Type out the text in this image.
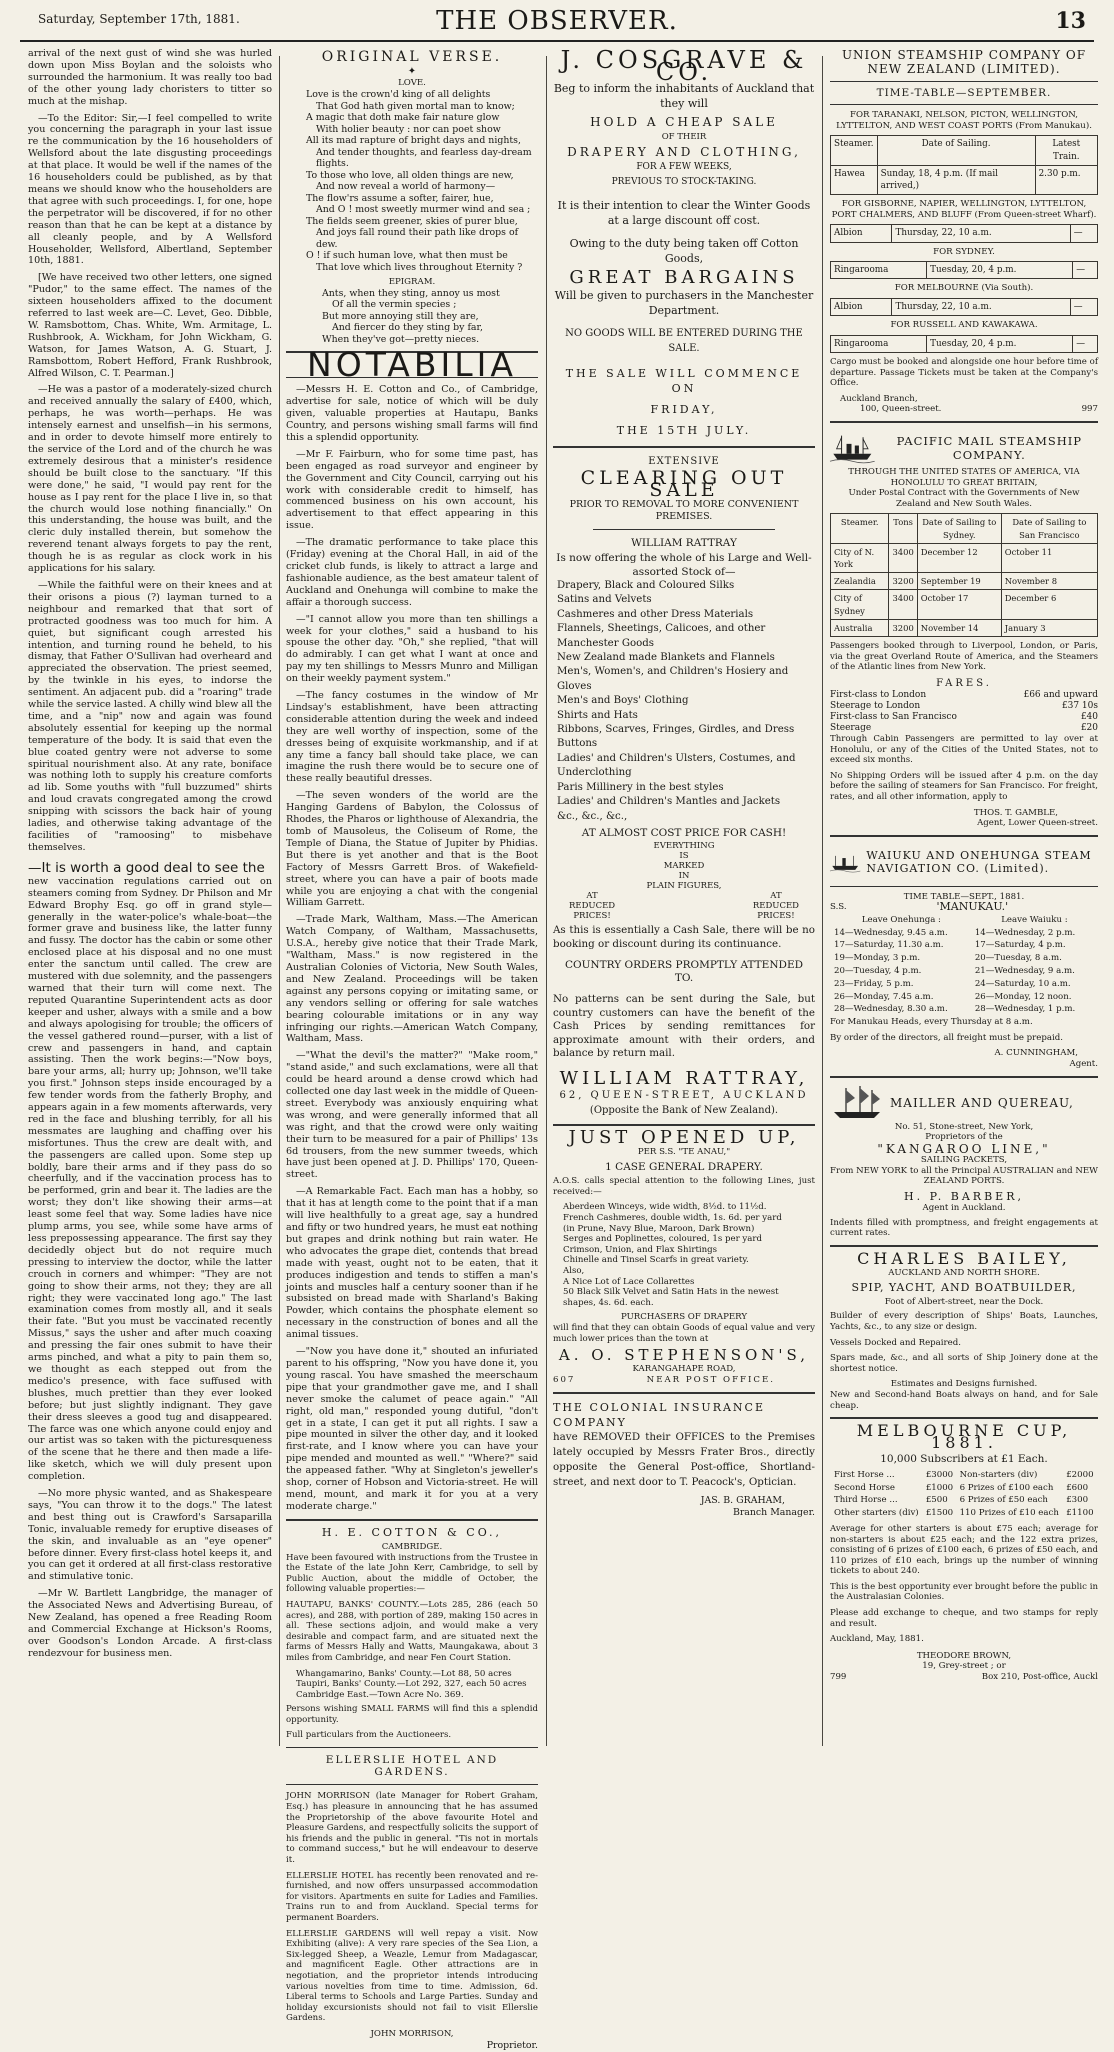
Saturday, September 17th, 1881.	THE OBSERVER.	13

arrival of the next gust of wind she was hurled down upon Miss Boylan and the soloists who surrounded the harmonium. It was really too bad of the other young lady choristers to titter so much at the mishap.

—To the Editor: Sir,—I feel compelled to write you concerning the paragraph in your last issue re the communication by the 16 householders of Wellsford about the late disgusting proceedings at that place. It would be well if the names of the 16 householders could be published, as by that means we should know who the householders are that agree with such proceedings. I, for one, hope the perpetrator will be discovered, if for no other reason than that he can be kept at a distance by all cleanly people, and by A Wellsford Householder, Wellsford, Albertland, September 10th, 1881.

[We have received two other letters, one signed "Pudor," to the same effect. The names of the sixteen householders affixed to the document referred to last week are—C. Levet, Geo. Dibble, W. Ramsbottom, Chas. White, Wm. Armitage, L. Rushbrook, A. Wickham, for John Wickham, G. Watson, for James Watson, A. G. Stuart, J. Ramsbottom, Robert Hefford, Frank Rushbrook, Alfred Wilson, C. T. Pearman.]

—He was a pastor of a moderately-sized church and received annually the salary of £400, which, perhaps, he was worth—perhaps. He was intensely earnest and unselfish—in his sermons, and in order to devote himself more entirely to the service of the Lord and of the church he was extremely desirous that a minister's residence should be built close to the sanctuary. "If this were done," he said, "I would pay rent for the house as I pay rent for the place I live in, so that the church would lose nothing financially." On this understanding, the house was built, and the cleric duly installed therein, but somehow the reverend tenant always forgets to pay the rent, though he is as regular as clock work in his applications for his salary.

—While the faithful were on their knees and at their orisons a pious (?) layman turned to a neighbour and remarked that that sort of protracted goodness was too much for him. A quiet, but significant cough arrested his intention, and turning round he beheld, to his dismay, that Father O'Sullivan had overheard and appreciated the observation. The priest seemed, by the twinkle in his eyes, to indorse the sentiment. An adjacent pub. did a "roaring" trade while the service lasted. A chilly wind blew all the time, and a "nip" now and again was found absolutely essential for keeping up the normal temperature of the body. It is said that even the blue coated gentry were not adverse to some spiritual nourishment also. At any rate, boniface was nothing loth to supply his creature comforts ad lib. Some youths with "full buzzumed" shirts and loud cravats congregated among the crowd snipping with scissors the back hair of young ladies, and otherwise taking advantage of the facilities of "ramoosing" to misbehave themselves.

—It is worth a good deal to see the

new vaccination regulations carried out on steamers coming from Sydney. Dr Philson and Mr Edward Brophy Esq. go off in grand style—generally in the water-police's whale-boat—the former grave and business like, the latter funny and fussy. The doctor has the cabin or some other enclosed place at his disposal and no one must enter the sanctum until called. The crew are mustered with due solemnity, and the passengers warned that their turn will come next. The reputed Quarantine Superintendent acts as door keeper and usher, always with a smile and a bow and always apologising for trouble; the officers of the vessel gathered round—purser, with a list of crew and passengers in hand, and captain assisting. Then the work begins:—"Now boys, bare your arms, all; hurry up; Johnson, we'll take you first." Johnson steps inside encouraged by a few tender words from the fatherly Brophy, and appears again in a few moments afterwards, very red in the face and blushing terribly, for all his messmates are laughing and chaffing over his misfortunes. Thus the crew are dealt with, and the passengers are called upon. Some step up boldly, bare their arms and if they pass do so cheerfully, and if the vaccination process has to be performed, grin and bear it. The ladies are the worst; they don't like showing their arms—at least some feel that way. Some ladies have nice plump arms, you see, while some have arms of less prepossessing appearance. The first say they decidedly object but do not require much pressing to interview the doctor, while the latter crouch in corners and whimper: "They are not going to show their arms, not they; they are all right; they were vaccinated long ago." The last examination comes from mostly all, and it seals their fate. "But you must be vaccinated recently Missus," says the usher and after much coaxing and pressing the fair ones submit to have their arms pinched, and what a pity to pain them so, we thought as each stepped out from the medico's presence, with face suffused with blushes, much prettier than they ever looked before; but just slightly indignant. They gave their dress sleeves a good tug and disappeared. The farce was one which anyone could enjoy and our artist was so taken with the picturesqueness of the scene that he there and then made a life-like sketch, which we will duly present upon completion.

—No more physic wanted, and as Shakespeare says, "You can throw it to the dogs." The latest and best thing out is Crawford's Sarsaparilla Tonic, invaluable remedy for eruptive diseases of the skin, and invaluable as an "eye opener" before dinner. Every first-class hotel keeps it, and you can get it ordered at all first-class restorative and stimulative tonic.

—Mr W. Bartlett Langbridge, the manager of the Associated News and Advertising Bureau, of New Zealand, has opened a free Reading Room and Commercial Exchange at Hickson's Rooms, over Goodson's London Arcade. A first-class rendezvour for business men.

ORIGINAL VERSE.
✦
LOVE.
Love is the crown'd king of all delights
That God hath given mortal man to know;
A magic that doth make fair nature glow
With holier beauty : nor can poet show
All its mad rapture of bright days and nights,
And tender thoughts, and fearless day-dream flights.
To those who love, all olden things are new,
And now reveal a world of harmony—
The flow'rs assume a softer, fairer, hue,
And O ! most sweetly murmer wind and sea ;
The fields seem greener, skies of purer blue,
And joys fall round their path like drops of dew.
O ! if such human love, what then must be
That love which lives throughout Eternity ?
EPIGRAM.
Ants, when they sting, annoy us most
Of all the vermin species ;
But more annoying still they are,
And fiercer do they sting by far,
When they've got—pretty nieces.
NOTABILIA

—Messrs H. E. Cotton and Co., of Cambridge, advertise for sale, notice of which will be duly given, valuable properties at Hautapu, Banks Country, and persons wishing small farms will find this a splendid opportunity.

—Mr F. Fairburn, who for some time past, has been engaged as road surveyor and engineer by the Government and City Council, carrying out his work with considerable credit to himself, has commenced business on his own account, his advertisement to that effect appearing in this issue.

—The dramatic performance to take place this (Friday) evening at the Choral Hall, in aid of the cricket club funds, is likely to attract a large and fashionable audience, as the best amateur talent of Auckland and Onehunga will combine to make the affair a thorough success.

—"I cannot allow you more than ten shillings a week for your clothes," said a husband to his spouse the other day. "Oh," she replied, "that will do admirably. I can get what I want at once and pay my ten shillings to Messrs Munro and Milligan on their weekly payment system."

—The fancy costumes in the window of Mr Lindsay's establishment, have been attracting considerable attention during the week and indeed they are well worthy of inspection, some of the dresses being of exquisite workmanship, and if at any time a fancy ball should take place, we can imagine the rush there would be to secure one of these really beautiful dresses.

—The seven wonders of the world are the Hanging Gardens of Babylon, the Colossus of Rhodes, the Pharos or lighthouse of Alexandria, the tomb of Mausoleus, the Coliseum of Rome, the Temple of Diana, the Statue of Jupiter by Phidias. But there is yet another and that is the Boot Factory of Messrs Garrett Bros. of Wakefield-street, where you can have a pair of boots made while you are enjoying a chat with the congenial William Garrett.

—Trade Mark, Waltham, Mass.—The American Watch Company, of Waltham, Massachusetts, U.S.A., hereby give notice that their Trade Mark, "Waltham, Mass." is now registered in the Australian Colonies of Victoria, New South Wales, and New Zealand. Proceedings will be taken against any persons copying or imitating same, or any vendors selling or offering for sale watches bearing colourable imitations or in any way infringing our rights.—American Watch Company, Waltham, Mass.

—"What the devil's the matter?" "Make room," "stand aside," and such exclamations, were all that could be heard around a dense crowd which had collected one day last week in the middle of Queen-street. Everybody was anxiously enquiring what was wrong, and were generally informed that all was right, and that the crowd were only waiting their turn to be measured for a pair of Phillips' 13s 6d trousers, from the new summer tweeds, which have just been opened at J. D. Phillips' 170, Queen-street.

—A Remarkable Fact. Each man has a hobby, so that it has at length come to the point that if a man will live healthfully to a great age, say a hundred and fifty or two hundred years, he must eat nothing but grapes and drink nothing but rain water. He who advocates the grape diet, contends that bread made with yeast, ought not to be eaten, that it produces indigestion and tends to stiffen a man's joints and muscles half a century sooner than if he subsisted on bread made with Sharland's Baking Powder, which contains the phosphate element so necessary in the construction of bones and all the animal tissues.

—"Now you have done it," shouted an infuriated parent to his offspring, "Now you have done it, you young rascal. You have smashed the meerschaum pipe that your grandmother gave me, and I shall never smoke the calumet of peace again." "All right, old man," responded young dutiful, "don't get in a state, I can get it put all rights. I saw a pipe mounted in silver the other day, and it looked first-rate, and I know where you can have your pipe mended and mounted as well." "Where?" said the appeased father. "Why at Singleton's jeweller's shop, corner of Hobson and Victoria-street. He will mend, mount, and mark it for you at a very moderate charge."

H. E. COTTON & CO.,
CAMBRIDGE.

Have been favoured with instructions from the Trustee in the Estate of the late John Kerr, Cambridge, to sell by Public Auction, about the middle of October, the following valuable properties:—

HAUTAPU, BANKS' COUNTY.—Lots 285, 286 (each 50 acres), and 288, with portion of 289, making 150 acres in all. These sections adjoin, and would make a very desirable and compact farm, and are situated next the farms of Messrs Hally and Watts, Maungakawa, about 3 miles from Cambridge, and near Fen Court Station.

Whangamarino, Banks' County.—Lot 88, 50 acres
Taupiri, Banks' County.—Lot 292, 327, each 50 acres
Cambridge East.—Town Acre No. 369.

Persons wishing SMALL FARMS will find this a splendid opportunity.

Full particulars from the Auctioneers.

ELLERSLIE HOTEL AND GARDENS.

JOHN MORRISON (late Manager for Robert Graham, Esq.) has pleasure in announcing that he has assumed the Proprietorship of the above favourite Hotel and Pleasure Gardens, and respectfully solicits the support of his friends and the public in general. "Tis not in mortals to command success," but he will endeavour to deserve it.

ELLERSLIE HOTEL has recently been renovated and re-furnished, and now offers unsurpassed accommodation for visitors. Apartments en suite for Ladies and Families. Trains run to and from Auckland. Special terms for permanent Boarders.

ELLERSLIE GARDENS will well repay a visit. Now Exhibiting (alive): A very rare species of the Sea Lion, a Six-legged Sheep, a Weazle, Lemur from Madagascar, and magnificent Eagle. Other attractions are in negotiation, and the proprietor intends introducing various novelties from time to time. Admission, 6d. Liberal terms to Schools and Large Parties. Sunday and holiday excursionists should not fail to visit Ellerslie Gardens.

JOHN MORRISON,
Proprietor.
J. COSGRAVE & CO.
Beg to inform the inhabitants of Auckland that they will
HOLD A CHEAP SALE
OF THEIR
DRAPERY AND CLOTHING,
FOR A FEW WEEKS,
PREVIOUS TO STOCK-TAKING.
It is their intention to clear the Winter Goods at a large discount off cost.
Owing to the duty being taken off Cotton Goods,
GREAT BARGAINS
Will be given to purchasers in the Manchester Department.
NO GOODS WILL BE ENTERED DURING THE SALE.
THE SALE WILL COMMENCE ON
FRIDAY,
THE 15TH JULY.
EXTENSIVE
CLEARING OUT SALE
PRIOR TO REMOVAL TO MORE CONVENIENT PREMISES.
WILLIAM RATTRAY
Is now offering the whole of his Large and Well-assorted Stock of—
Drapery, Black and Coloured Silks
Satins and Velvets
Cashmeres and other Dress Materials
Flannels, Sheetings, Calicoes, and other Manchester Goods
New Zealand made Blankets and Flannels
Men's, Women's, and Children's Hosiery and Gloves
Men's and Boys' Clothing
Shirts and Hats
Ribbons, Scarves, Fringes, Girdles, and Dress Buttons
Ladies' and Children's Ulsters, Costumes, and Underclothing
Paris Millinery in the best styles
Ladies' and Children's Mantles and Jackets
&c., &c., &c.,
AT ALMOST COST PRICE FOR CASH!
EVERYTHING
IS
MARKED
IN
PLAIN FIGURES,
AT
REDUCED
PRICES!
AT
REDUCED
PRICES!

As this is essentially a Cash Sale, there will be no booking or discount during its continuance.

COUNTRY ORDERS PROMPTLY ATTENDED TO.

No patterns can be sent during the Sale, but country customers can have the benefit of the Cash Prices by sending remittances for approximate amount with their orders, and balance by return mail.

WILLIAM RATTRAY,
62, QUEEN-STREET, AUCKLAND
(Opposite the Bank of New Zealand).
JUST OPENED UP,
PER S.S. "TE ANAU,"
1 CASE GENERAL DRAPERY.

A.O.S. calls special attention to the following Lines, just received:—

Aberdeen Winceys, wide width, 8½d. to 11½d.
French Cashmeres, double width, 1s. 6d. per yard
(in Prune, Navy Blue, Maroon, Dark Brown)
Serges and Poplinettes, coloured, 1s per yard
Crimson, Union, and Flax Shirtings
Chinelle and Tinsel Scarfs in great variety.
Also,
A Nice Lot of Lace Collarettes
50 Black Silk Velvet and Satin Hats in the newest
shapes, 4s. 6d. each.
PURCHASERS OF DRAPERY

will find that they can obtain Goods of equal value and very much lower prices than the town at

A. O. STEPHENSON'S,
KARANGAHAPE ROAD,
607	NEAR POST OFFICE.
THE COLONIAL INSURANCE COMPANY

have REMOVED their OFFICES to the Premises lately occupied by Messrs Frater Bros., directly opposite the General Post-office, Shortland-street, and next door to T. Peacock's, Optician.

JAS. B. GRAHAM,
Branch Manager.
UNION STEAMSHIP COMPANY OF NEW ZEALAND (LIMITED).
TIME-TABLE—SEPTEMBER.
FOR TARANAKI, NELSON, PICTON, WELLINGTON, LYTTELTON, AND WEST COAST PORTS (From Manukau).
Steamer.	Date of Sailing.	Latest Train.
Hawea	Sunday, 18, 4 p.m. (If mail arrived,)	2.30 p.m.
FOR GISBORNE, NAPIER, WELLINGTON, LYTTELTON, PORT CHALMERS, AND BLUFF (From Queen-street Wharf).
Albion	Thursday, 22, 10 a.m.	—
FOR SYDNEY.
Ringarooma	Tuesday, 20, 4 p.m.	—
FOR MELBOURNE (Via South).
Albion	Thursday, 22, 10 a.m.	—
FOR RUSSELL AND KAWAKAWA.
Ringarooma	Tuesday, 20, 4 p.m.	—

Cargo must be booked and alongside one hour before time of departure. Passage Tickets must be taken at the Company's Office.

Auckland Branch,
100, Queen-street.	997
PACIFIC MAIL STEAMSHIP COMPANY.
THROUGH THE UNITED STATES OF AMERICA, VIA HONOLULU TO GREAT BRITAIN,
Under Postal Contract with the Governments of New Zealand and New South Wales.
Steamer.	Tons	Date of Sailing to Sydney.	Date of Sailing to San Francisco
City of N. York	3400	December 12	October 11
Zealandia	3200	September 19	November 8
City of Sydney	3400	October 17	December 6
Australia	3200	November 14	January 3

Passengers booked through to Liverpool, London, or Paris, via the great Overland Route of America, and the Steamers of the Atlantic lines from New York.

FARES.
First-class to London	£66 and upward
Steerage to London	£37 10s
First-class to San Francisco	£40
Steerage	£20

Through Cabin Passengers are permitted to lay over at Honolulu, or any of the Cities of the United States, not to exceed six months.

No Shipping Orders will be issued after 4 p.m. on the day before the sailing of steamers for San Francisco. For freight, rates, and all other information, apply to

THOS. T. GAMBLE,
Agent, Lower Queen-street.
WAIUKU AND ONEHUNGA STEAM NAVIGATION CO. (Limited).
TIME TABLE—SEPT., 1881.
S.S.	'MANUKAU.'
Leave Onehunga :	Leave Waiuku :
14—Wednesday, 9.45 a.m.	14—Wednesday, 2 p.m.
17—Saturday, 11.30 a.m.	17—Saturday, 4 p.m.
19—Monday, 3 p.m.	20—Tuesday, 8 a.m.
20—Tuesday, 4 p.m.	21—Wednesday, 9 a.m.
23—Friday, 5 p.m.	24—Saturday, 10 a.m.
26—Monday, 7.45 a.m.	26—Monday, 12 noon.
28—Wednesday, 8.30 a.m.	28—Wednesday, 1 p.m.

For Manukau Heads, every Thursday at 8 a.m.

By order of the directors, all freight must be prepaid.

A. CUNNINGHAM,
Agent.
MAILLER AND QUEREAU,
No. 51, Stone-street, New York,
Proprietors of the
"KANGAROO LINE,"
SAILING PACKETS,
From NEW YORK to all the Principal AUSTRALIAN and NEW ZEALAND PORTS.
H. P. BARBER,
Agent in Auckland.

Indents filled with promptness, and freight engagements at current rates.

CHARLES BAILEY,
AUCKLAND AND NORTH SHORE.
SPIP, YACHT, AND BOATBUILDER,
Foot of Albert-street, near the Dock.

Builder of every description of Ships' Boats, Launches, Yachts, &c., to any size or design.

Vessels Docked and Repaired.

Spars made, &c., and all sorts of Ship Joinery done at the shortest notice.

Estimates and Designs furnished.

New and Second-hand Boats always on hand, and for Sale cheap.

MELBOURNE CUP, 1881.
10,000 Subscribers at £1 Each.
First Horse ...	£3000	Non-starters (div)	£2000
Second Horse	£1000	6 Prizes of £100 each	£600
Third Horse ...	£500	6 Prizes of £50 each	£300
Other starters (div)	£1500	110 Prizes of £10 each	£1100

Average for other starters is about £75 each; average for non-starters is about £25 each; and the 122 extra prizes, consisting of 6 prizes of £100 each, 6 prizes of £50 each, and 110 prizes of £10 each, brings up the number of winning tickets to about 240.

This is the best opportunity ever brought before the public in the Australasian Colonies.

Please add exchange to cheque, and two stamps for reply and result.

Auckland, May, 1881.
THEODORE BROWN,
19, Grey-street ; or
799	Box 210, Post-office, Auckl
